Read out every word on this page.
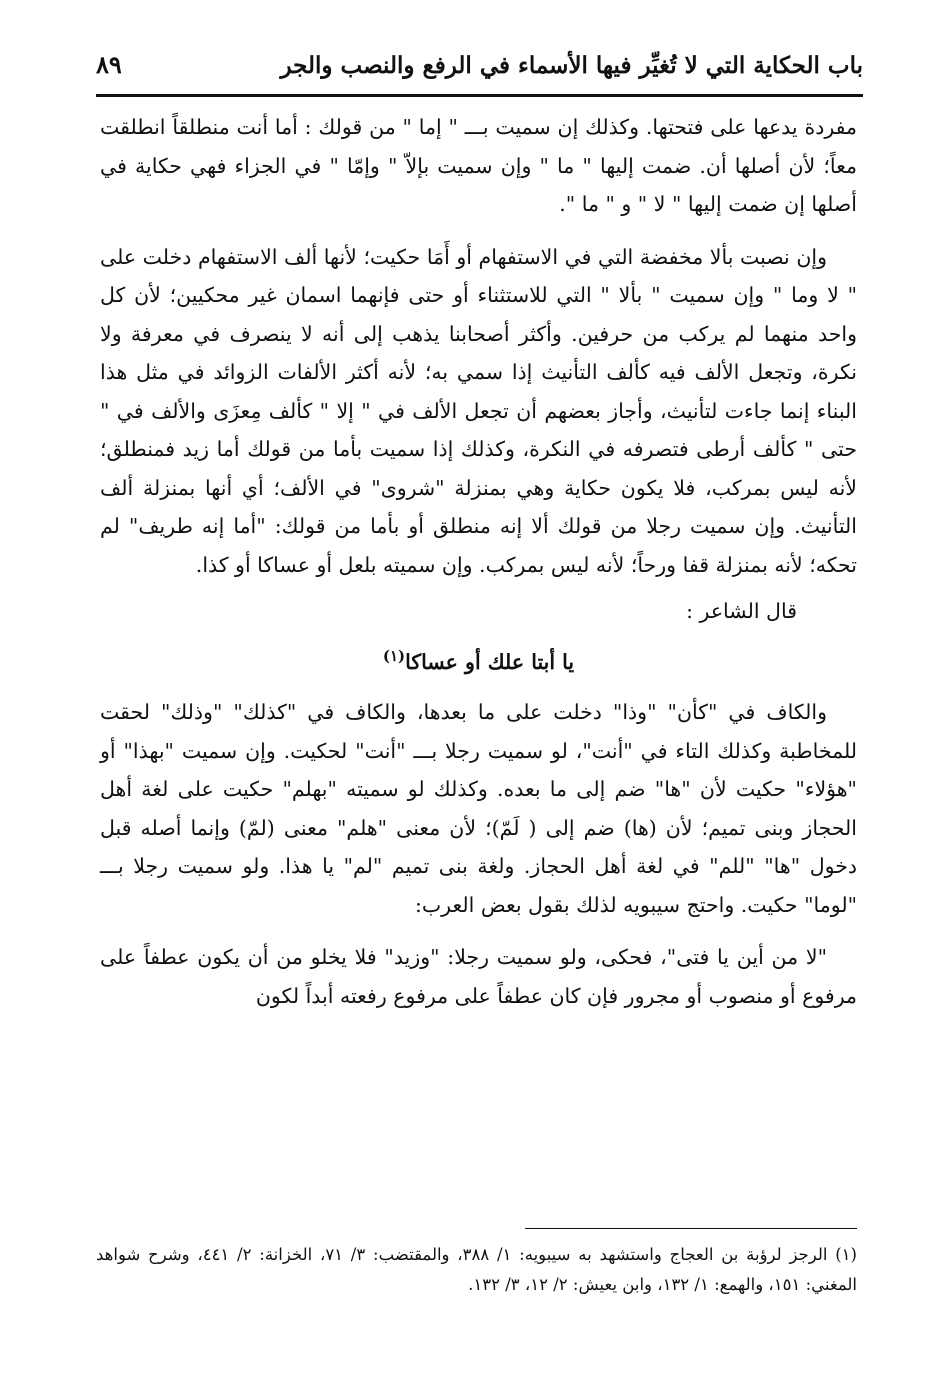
باب الحكاية التي لا تُغيِّر فيها الأسماء في الرفع والنصب والجر
٨٩

مفردة يدعها على فتحتها. وكذلك إن سميت بـــ " إما " من قولك : أما أنت منطلقاً انطلقت معاً؛ لأن أصلها أن. ضمت إليها " ما " وإن سميت بإلاّ " وإمّا " في الجزاء فهي حكاية في أصلها إن ضمت إليها " لا " و " ما ".

وإن نصبت بألا مخفضة التي في الاستفهام أو أَمَا حكيت؛ لأنها ألف الاستفهام دخلت على " لا وما " وإن سميت " بألا " التي للاستثناء أو حتى فإنهما اسمان غير محكيين؛ لأن كل واحد منهما لم يركب من حرفين. وأكثر أصحابنا يذهب إلى أنه لا ينصرف في معرفة ولا نكرة، وتجعل الألف فيه كألف التأنيث إذا سمي به؛ لأنه أكثر الألفات الزوائد في مثل هذا البناء إنما جاءت لتأنيث، وأجاز بعضهم أن تجعل الألف في " إلا " كألف مِعزَى والألف في " حتى " كألف أرطى فتصرفه في النكرة، وكذلك إذا سميت بأما من قولك أما زيد فمنطلق؛ لأنه ليس بمركب، فلا يكون حكاية وهي بمنزلة "شروى" في الألف؛ أي أنها بمنزلة ألف التأنيث. وإن سميت رجلا من قولك ألا إنه منطلق أو بأما من قولك: "أما إنه طريف" لم تحكه؛ لأنه بمنزلة قفا ورحاً؛ لأنه ليس بمركب. وإن سميته بلعل أو عساكا أو كذا.

قال الشاعر :

يا أبتا علك أو عساكا$^{(١)}$

والكاف في "كأن" "وذا" دخلت على ما بعدها، والكاف في "كذلك" "وذلك" لحقت للمخاطبة وكذلك التاء في "أنت"، لو سميت رجلا بـــ "أنت" لحكيت. وإن سميت "بهذا" أو "هؤلاء" حكيت لأن "ها" ضم إلى ما بعده. وكذلك لو سميته "بهلم" حكيت على لغة أهل الحجاز وبنى تميم؛ لأن (ها) ضم إلى ( لَمّ)؛ لأن معنى "هلم" معنى (لمّ) وإنما أصله قبل دخول "ها" "للم" في لغة أهل الحجاز. ولغة بنى تميم "لم" يا هذا. ولو سميت رجلا بـــ "لوما" حكيت. واحتج سيبويه لذلك بقول بعض العرب:

"لا من أين يا فتى"، فحكى، ولو سميت رجلا: "وزيد" فلا يخلو من أن يكون عطفاً على مرفوع أو منصوب أو مجرور فإن كان عطفاً على مرفوع رفعته أبداً لكون

(١) الرجز لرؤبة بن العجاج واستشهد به سيبويه: ١/ ٣٨٨، والمقتضب: ٣/ ٧١، الخزانة: ٢/ ٤٤١، وشرح شواهد المغني: ١٥١، والهمع: ١/ ١٣٢، وابن يعيش: ٢/ ١٢، ٣/ ١٣٢.
